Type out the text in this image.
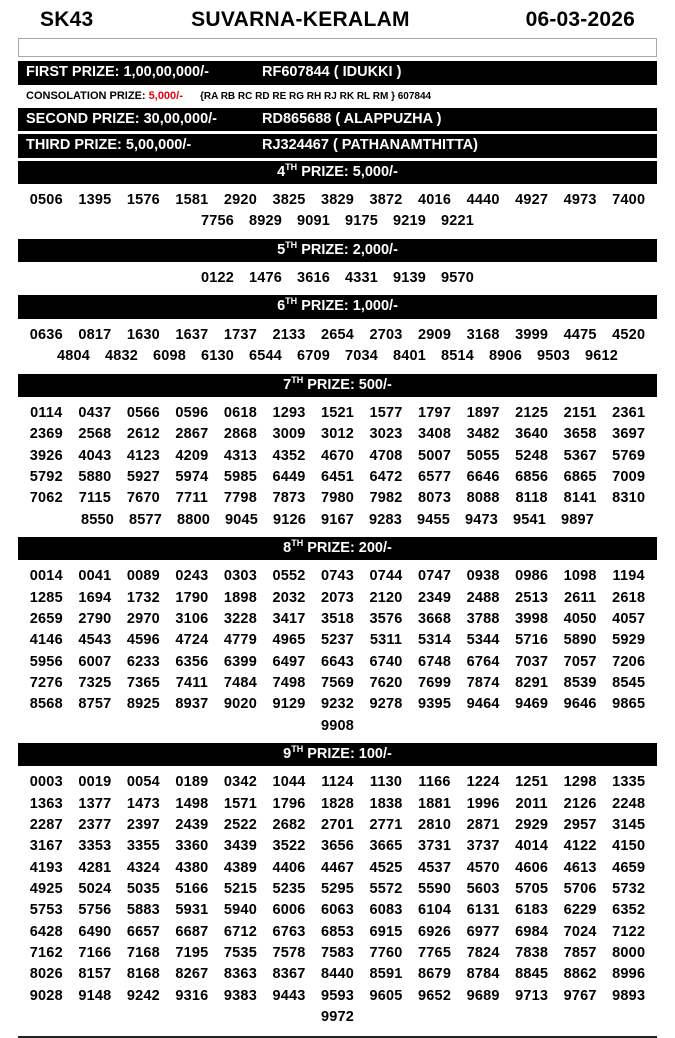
SK43	SUVARNA-KERALAM	06-03-2026
FIRST PRIZE: 1,00,00,000/-	RF607844 ( IDUKKI )
CONSOLATION PRIZE: 5,000/- {RA RB RC RD RE RG RH RJ RK RL RM } 607844
SECOND PRIZE: 30,00,000/-	RD865688 ( ALAPPUZHA )
THIRD PRIZE: 5,00,000/-	RJ324467 ( PATHANAMTHITTA)
4TH PRIZE: 5,000/-
0506	1395	1576	1581	2920	3825	3829	3872	4016	4440	4927	4973	7400
7756	8929	9091	9175	9219	9221
5TH PRIZE: 2,000/-
0122	1476	3616	4331	9139	9570
6TH PRIZE: 1,000/-
0636	0817	1630	1637	1737	2133	2654	2703	2909	3168	3999	4475	4520
4804	4832	6098	6130	6544	6709	7034	8401	8514	8906	9503	9612
7TH PRIZE: 500/-
0114	0437	0566	0596	0618	1293	1521	1577	1797	1897	2125	2151	2361
2369	2568	2612	2867	2868	3009	3012	3023	3408	3482	3640	3658	3697
3926	4043	4123	4209	4313	4352	4670	4708	5007	5055	5248	5367	5769
5792	5880	5927	5974	5985	6449	6451	6472	6577	6646	6856	6865	7009
7062	7115	7670	7711	7798	7873	7980	7982	8073	8088	8118	8141	8310
8550	8577	8800	9045	9126	9167	9283	9455	9473	9541	9897
8TH PRIZE: 200/-
0014	0041	0089	0243	0303	0552	0743	0744	0747	0938	0986	1098	1194
1285	1694	1732	1790	1898	2032	2073	2120	2349	2488	2513	2611	2618
2659	2790	2970	3106	3228	3417	3518	3576	3668	3788	3998	4050	4057
4146	4543	4596	4724	4779	4965	5237	5311	5314	5344	5716	5890	5929
5956	6007	6233	6356	6399	6497	6643	6740	6748	6764	7037	7057	7206
7276	7325	7365	7411	7484	7498	7569	7620	7699	7874	8291	8539	8545
8568	8757	8925	8937	9020	9129	9232	9278	9395	9464	9469	9646	9865
9908
9TH PRIZE: 100/-
0003	0019	0054	0189	0342	1044	1124	1130	1166	1224	1251	1298	1335
1363	1377	1473	1498	1571	1796	1828	1838	1881	1996	2011	2126	2248
2287	2377	2397	2439	2522	2682	2701	2771	2810	2871	2929	2957	3145
3167	3353	3355	3360	3439	3522	3656	3665	3731	3737	4014	4122	4150
4193	4281	4324	4380	4389	4406	4467	4525	4537	4570	4606	4613	4659
4925	5024	5035	5166	5215	5235	5295	5572	5590	5603	5705	5706	5732
5753	5756	5883	5931	5940	6006	6063	6083	6104	6131	6183	6229	6352
6428	6490	6657	6687	6712	6763	6853	6915	6926	6977	6984	7024	7122
7162	7166	7168	7195	7535	7578	7583	7760	7765	7824	7838	7857	8000
8026	8157	8168	8267	8363	8367	8440	8591	8679	8784	8845	8862	8996
9028	9148	9242	9316	9383	9443	9593	9605	9652	9689	9713	9767	9893
9972
